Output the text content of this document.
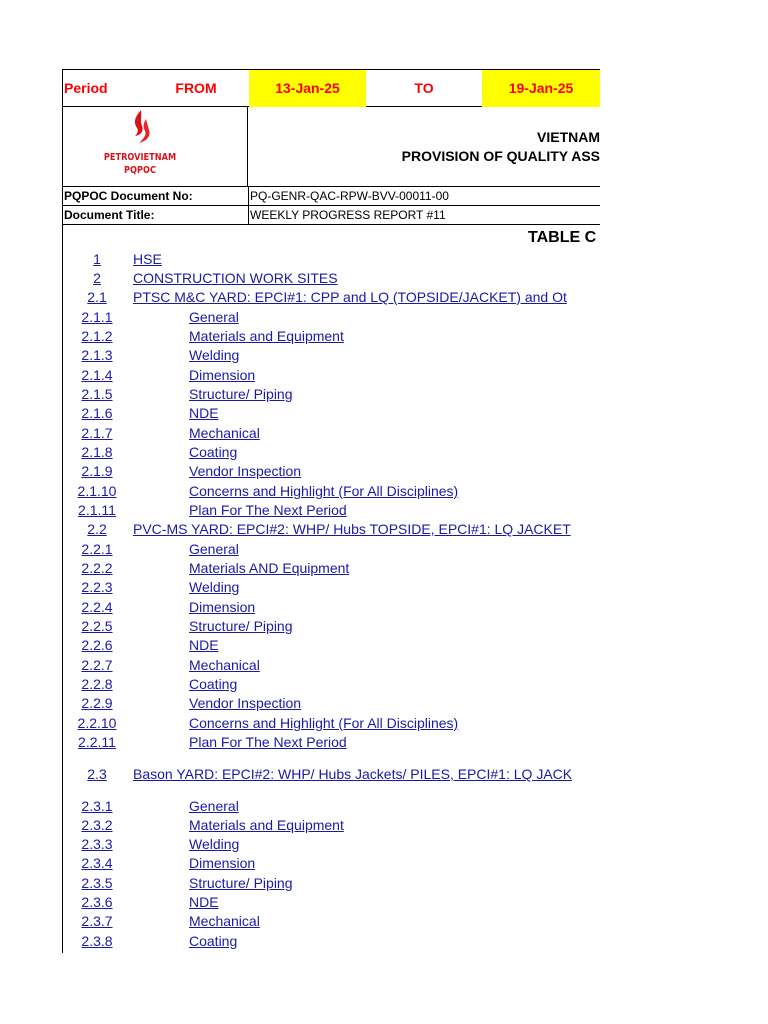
Period	FROM	13-Jan-25	TO	19-Jan-25
PETROVIETNAM
PQPOC
VIETNAM
PROVISION OF QUALITY ASS
PQPOC Document No:	PQ-GENR-QAC-RPW-BVV-00011-00
Document Title:	WEEKLY PROGRESS REPORT #11
TABLE C
1	HSE
2	CONSTRUCTION WORK SITES
2.1	PTSC M&C YARD: EPCI#1: CPP and LQ (TOPSIDE/JACKET) and Ot
2.1.1	General
2.1.2	Materials and Equipment
2.1.3	Welding
2.1.4	Dimension
2.1.5	Structure/ Piping
2.1.6	NDE
2.1.7	Mechanical
2.1.8	Coating
2.1.9	Vendor Inspection
2.1.10	Concerns and Highlight (For All Disciplines)
2.1.11	Plan For The Next Period
2.2	PVC-MS YARD: EPCI#2: WHP/ Hubs TOPSIDE, EPCI#1: LQ JACKET
2.2.1	General
2.2.2	Materials AND Equipment
2.2.3	Welding
2.2.4	Dimension
2.2.5	Structure/ Piping
2.2.6	NDE
2.2.7	Mechanical
2.2.8	Coating
2.2.9	Vendor Inspection
2.2.10	Concerns and Highlight (For All Disciplines)
2.2.11	Plan For The Next Period
2.3	Bason YARD: EPCI#2: WHP/ Hubs Jackets/ PILES, EPCI#1: LQ JACK
2.3.1	General
2.3.2	Materials and Equipment
2.3.3	Welding
2.3.4	Dimension
2.3.5	Structure/ Piping
2.3.6	NDE
2.3.7	Mechanical
2.3.8	Coating
